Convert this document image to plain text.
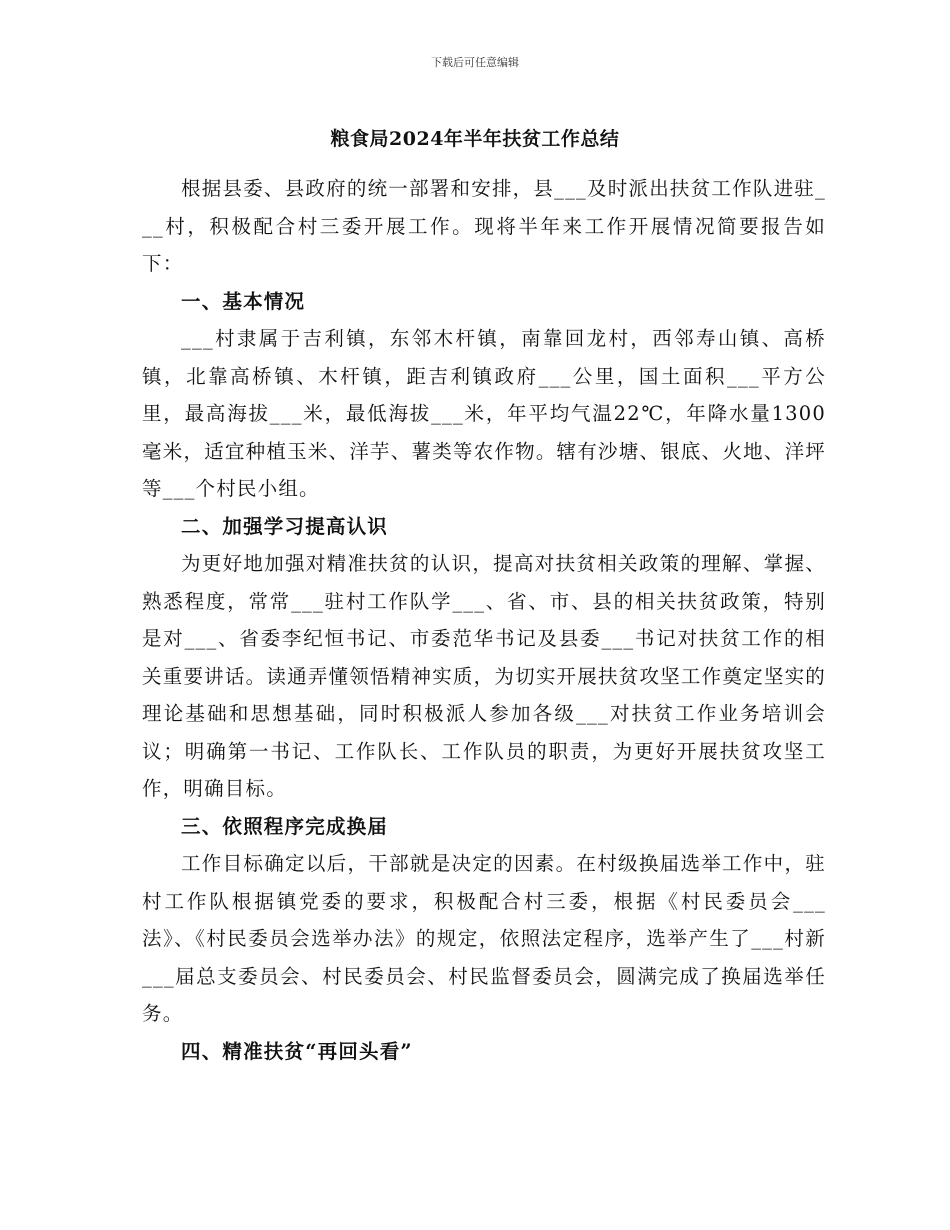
下载后可任意编辑
粮食局2024年半年扶贫工作总结

根据县委、县政府的统一部署和安排，县___及时派出扶贫工作队进驻___村，积极配合村三委开展工作。现将半年来工作开展情况简要报告如下：

一、基本情况

___村隶属于吉利镇，东邻木杆镇，南靠回龙村，西邻寿山镇、高桥镇，北靠高桥镇、木杆镇，距吉利镇政府___公里，国土面积___平方公里，最高海拔___米，最低海拔___米，年平均气温22℃，年降水量1300毫米，适宜种植玉米、洋芋、薯类等农作物。辖有沙塘、银底、火地、洋坪等___个村民小组。

二、加强学习提高认识

为更好地加强对精准扶贫的认识，提高对扶贫相关政策的理解、掌握、熟悉程度，常常___驻村工作队学___、省、市、县的相关扶贫政策，特别是对___、省委李纪恒书记、市委范华书记及县委___书记对扶贫工作的相关重要讲话。读通弄懂领悟精神实质，为切实开展扶贫攻坚工作奠定坚实的理论基础和思想基础，同时积极派人参加各级___对扶贫工作业务培训会议；明确第一书记、工作队长、工作队员的职责，为更好开展扶贫攻坚工作，明确目标。

三、依照程序完成换届

工作目标确定以后，干部就是决定的因素。在村级换届选举工作中，驻村工作队根据镇党委的要求，积极配合村三委，根据《村民委员会___法》、《村民委员会选举办法》的规定，依照法定程序，选举产生了___村新___届总支委员会、村民委员会、村民监督委员会，圆满完成了换届选举任务。

四、精准扶贫“再回头看”
